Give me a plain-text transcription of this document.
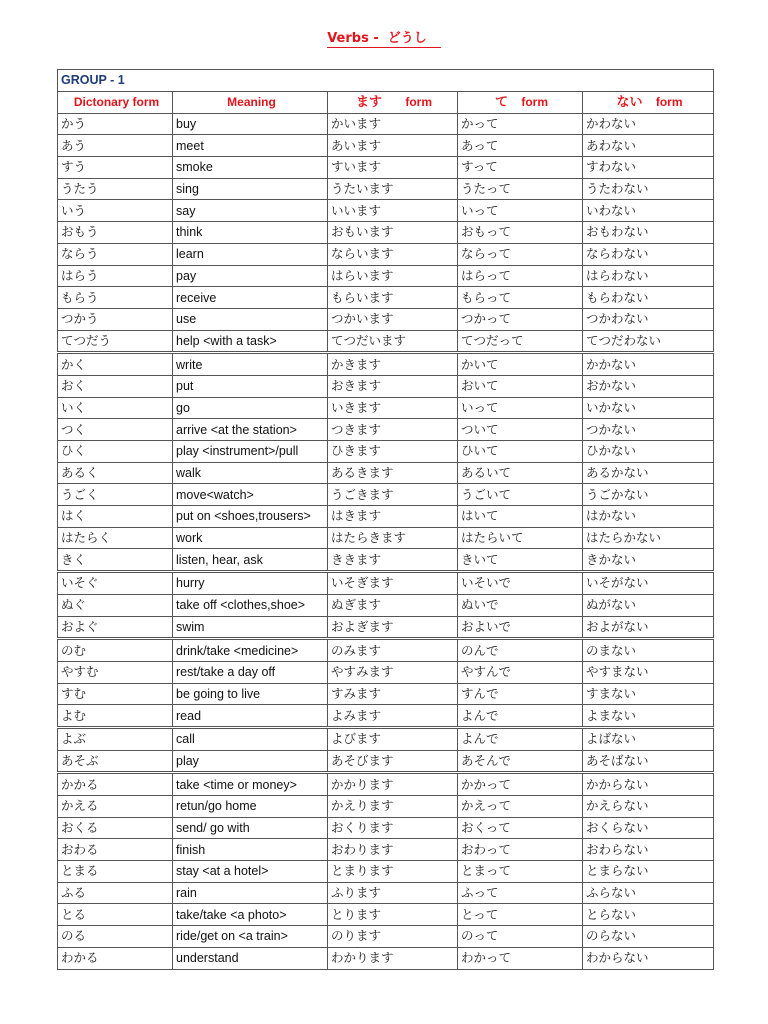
Verbs - どうし
GROUP - 1				
Dictonary form	Meaning	ます form	て form	ない form
かう	buy	かいます	かって	かわない
あう	meet	あいます	あって	あわない
すう	smoke	すいます	すって	すわない
うたう	sing	うたいます	うたって	うたわない
いう	say	いいます	いって	いわない
おもう	think	おもいます	おもって	おもわない
ならう	learn	ならいます	ならって	ならわない
はらう	pay	はらいます	はらって	はらわない
もらう	receive	もらいます	もらって	もらわない
つかう	use	つかいます	つかって	つかわない
てつだう	help <with a task>	てつだいます	てつだって	てつだわない
かく	write	かきます	かいて	かかない
おく	put	おきます	おいて	おかない
いく	go	いきます	いって	いかない
つく	arrive <at the station>	つきます	ついて	つかない
ひく	play <instrument>/pull	ひきます	ひいて	ひかない
あるく	walk	あるきます	あるいて	あるかない
うごく	move<watch>	うごきます	うごいて	うごかない
はく	put on <shoes,trousers>	はきます	はいて	はかない
はたらく	work	はたらきます	はたらいて	はたらかない
きく	listen, hear, ask	ききます	きいて	きかない
いそぐ	hurry	いそぎます	いそいで	いそがない
ぬぐ	take off <clothes,shoe>	ぬぎます	ぬいで	ぬがない
およぐ	swim	およぎます	およいで	およがない
のむ	drink/take <medicine>	のみます	のんで	のまない
やすむ	rest/take a day off	やすみます	やすんで	やすまない
すむ	be going to live	すみます	すんで	すまない
よむ	read	よみます	よんで	よまない
よぶ	call	よびます	よんで	よばない
あそぶ	play	あそびます	あそんで	あそばない
かかる	take <time or money>	かかります	かかって	かからない
かえる	retun/go home	かえります	かえって	かえらない
おくる	send/ go with	おくります	おくって	おくらない
おわる	finish	おわります	おわって	おわらない
とまる	stay <at a hotel>	とまります	とまって	とまらない
ふる	rain	ふります	ふって	ふらない
とる	take/take <a photo>	とります	とって	とらない
のる	ride/get on <a train>	のります	のって	のらない
わかる	understand	わかります	わかって	わからない
